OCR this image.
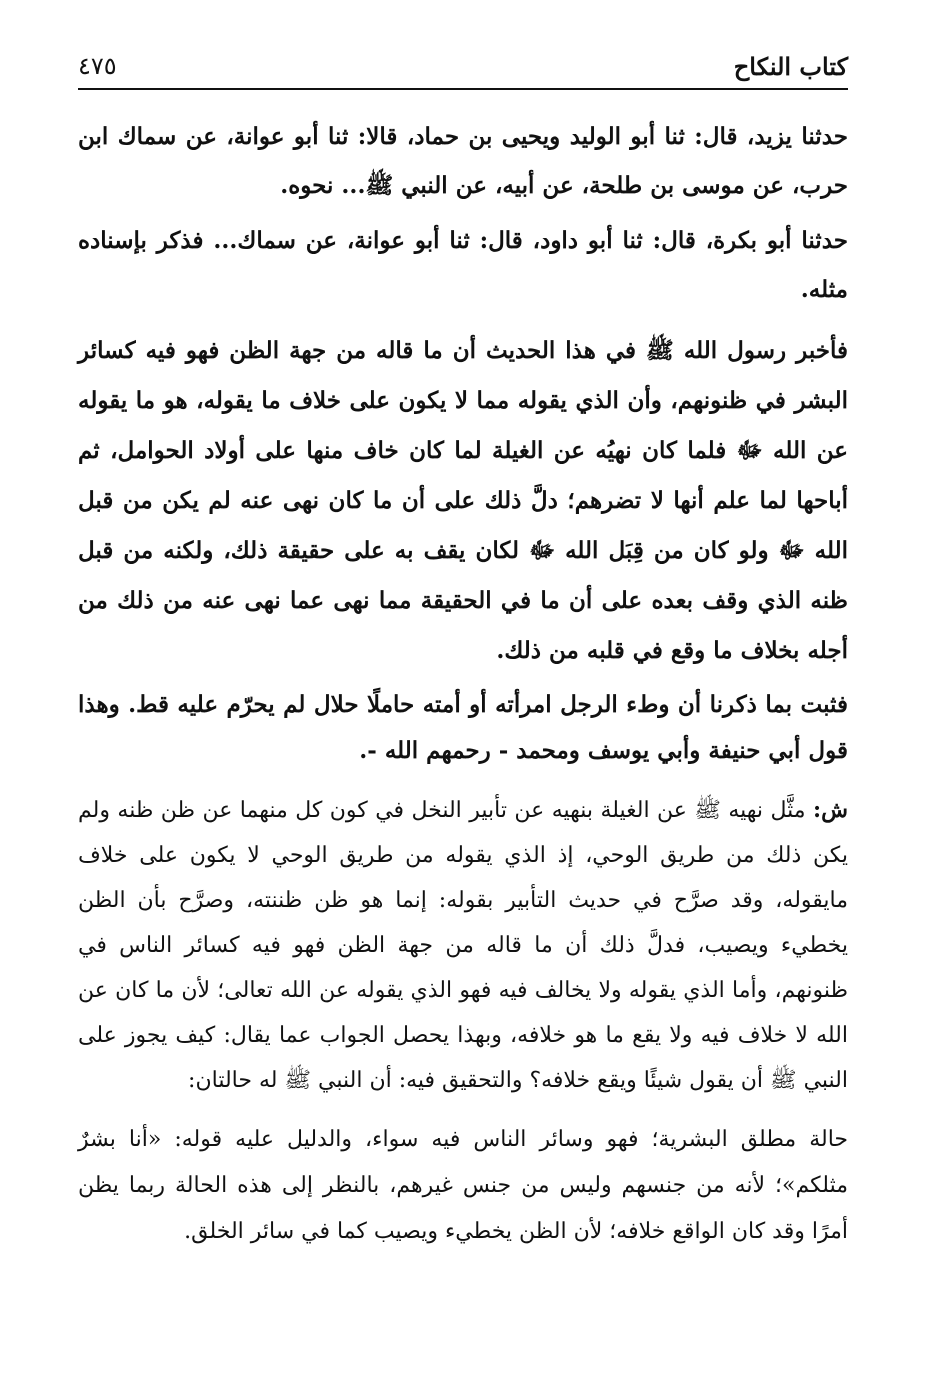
كتاب النكاح
٤٧٥

حدثنا يزيد، قال: ثنا أبو الوليد ويحيى بن حماد، قالا: ثنا أبو عوانة، عن سماك ابن حرب، عن موسى بن طلحة، عن أبيه، عن النبي ﷺ... نحوه.

حدثنا أبو بكرة، قال: ثنا أبو داود، قال: ثنا أبو عوانة، عن سماك... فذكر بإسناده مثله.

فأخبر رسول الله ﷺ في هذا الحديث أن ما قاله من جهة الظن فهو فيه كسائر البشر في ظنونهم، وأن الذي يقوله مما لا يكون على خلاف ما يقوله، هو ما يقوله عن الله ﷻ فلما كان نهيُه عن الغيلة لما كان خاف منها على أولاد الحوامل، ثم أباحها لما علم أنها لا تضرهم؛ دلَّ ذلك على أن ما كان نهى عنه لم يكن من قبل الله ﷻ ولو كان من قِبَل الله ﷻ لكان يقف به على حقيقة ذلك، ولكنه من قبل ظنه الذي وقف بعده على أن ما في الحقيقة مما نهى عما نهى عنه من ذلك من أجله بخلاف ما وقع في قلبه من ذلك.

فثبت بما ذكرنا أن وطء الرجل امرأته أو أمته حاملًا حلال لم يحرّم عليه قط. وهذا قول أبي حنيفة وأبي يوسف ومحمد - رحمهم الله -.

ش: مثَّل نهيه ﷺ عن الغيلة بنهيه عن تأبير النخل في كون كل منهما عن ظن ظنه ولم يكن ذلك من طريق الوحي، إذ الذي يقوله من طريق الوحي لا يكون على خلاف مايقوله، وقد صرَّح في حديث التأبير بقوله: إنما هو ظن ظننته، وصرَّح بأن الظن يخطيء ويصيب، فدلَّ ذلك أن ما قاله من جهة الظن فهو فيه كسائر الناس في ظنونهم، وأما الذي يقوله ولا يخالف فيه فهو الذي يقوله عن الله تعالى؛ لأن ما كان عن الله لا خلاف فيه ولا يقع ما هو خلافه، وبهذا يحصل الجواب عما يقال: كيف يجوز على النبي ﷺ أن يقول شيئًا ويقع خلافه؟ والتحقيق فيه: أن النبي ﷺ له حالتان:

حالة مطلق البشرية؛ فهو وسائر الناس فيه سواء، والدليل عليه قوله: «أنا بشرٌ مثلكم»؛ لأنه من جنسهم وليس من جنس غيرهم، بالنظر إلى هذه الحالة ربما يظن أمرًا وقد كان الواقع خلافه؛ لأن الظن يخطيء ويصيب كما في سائر الخلق.
